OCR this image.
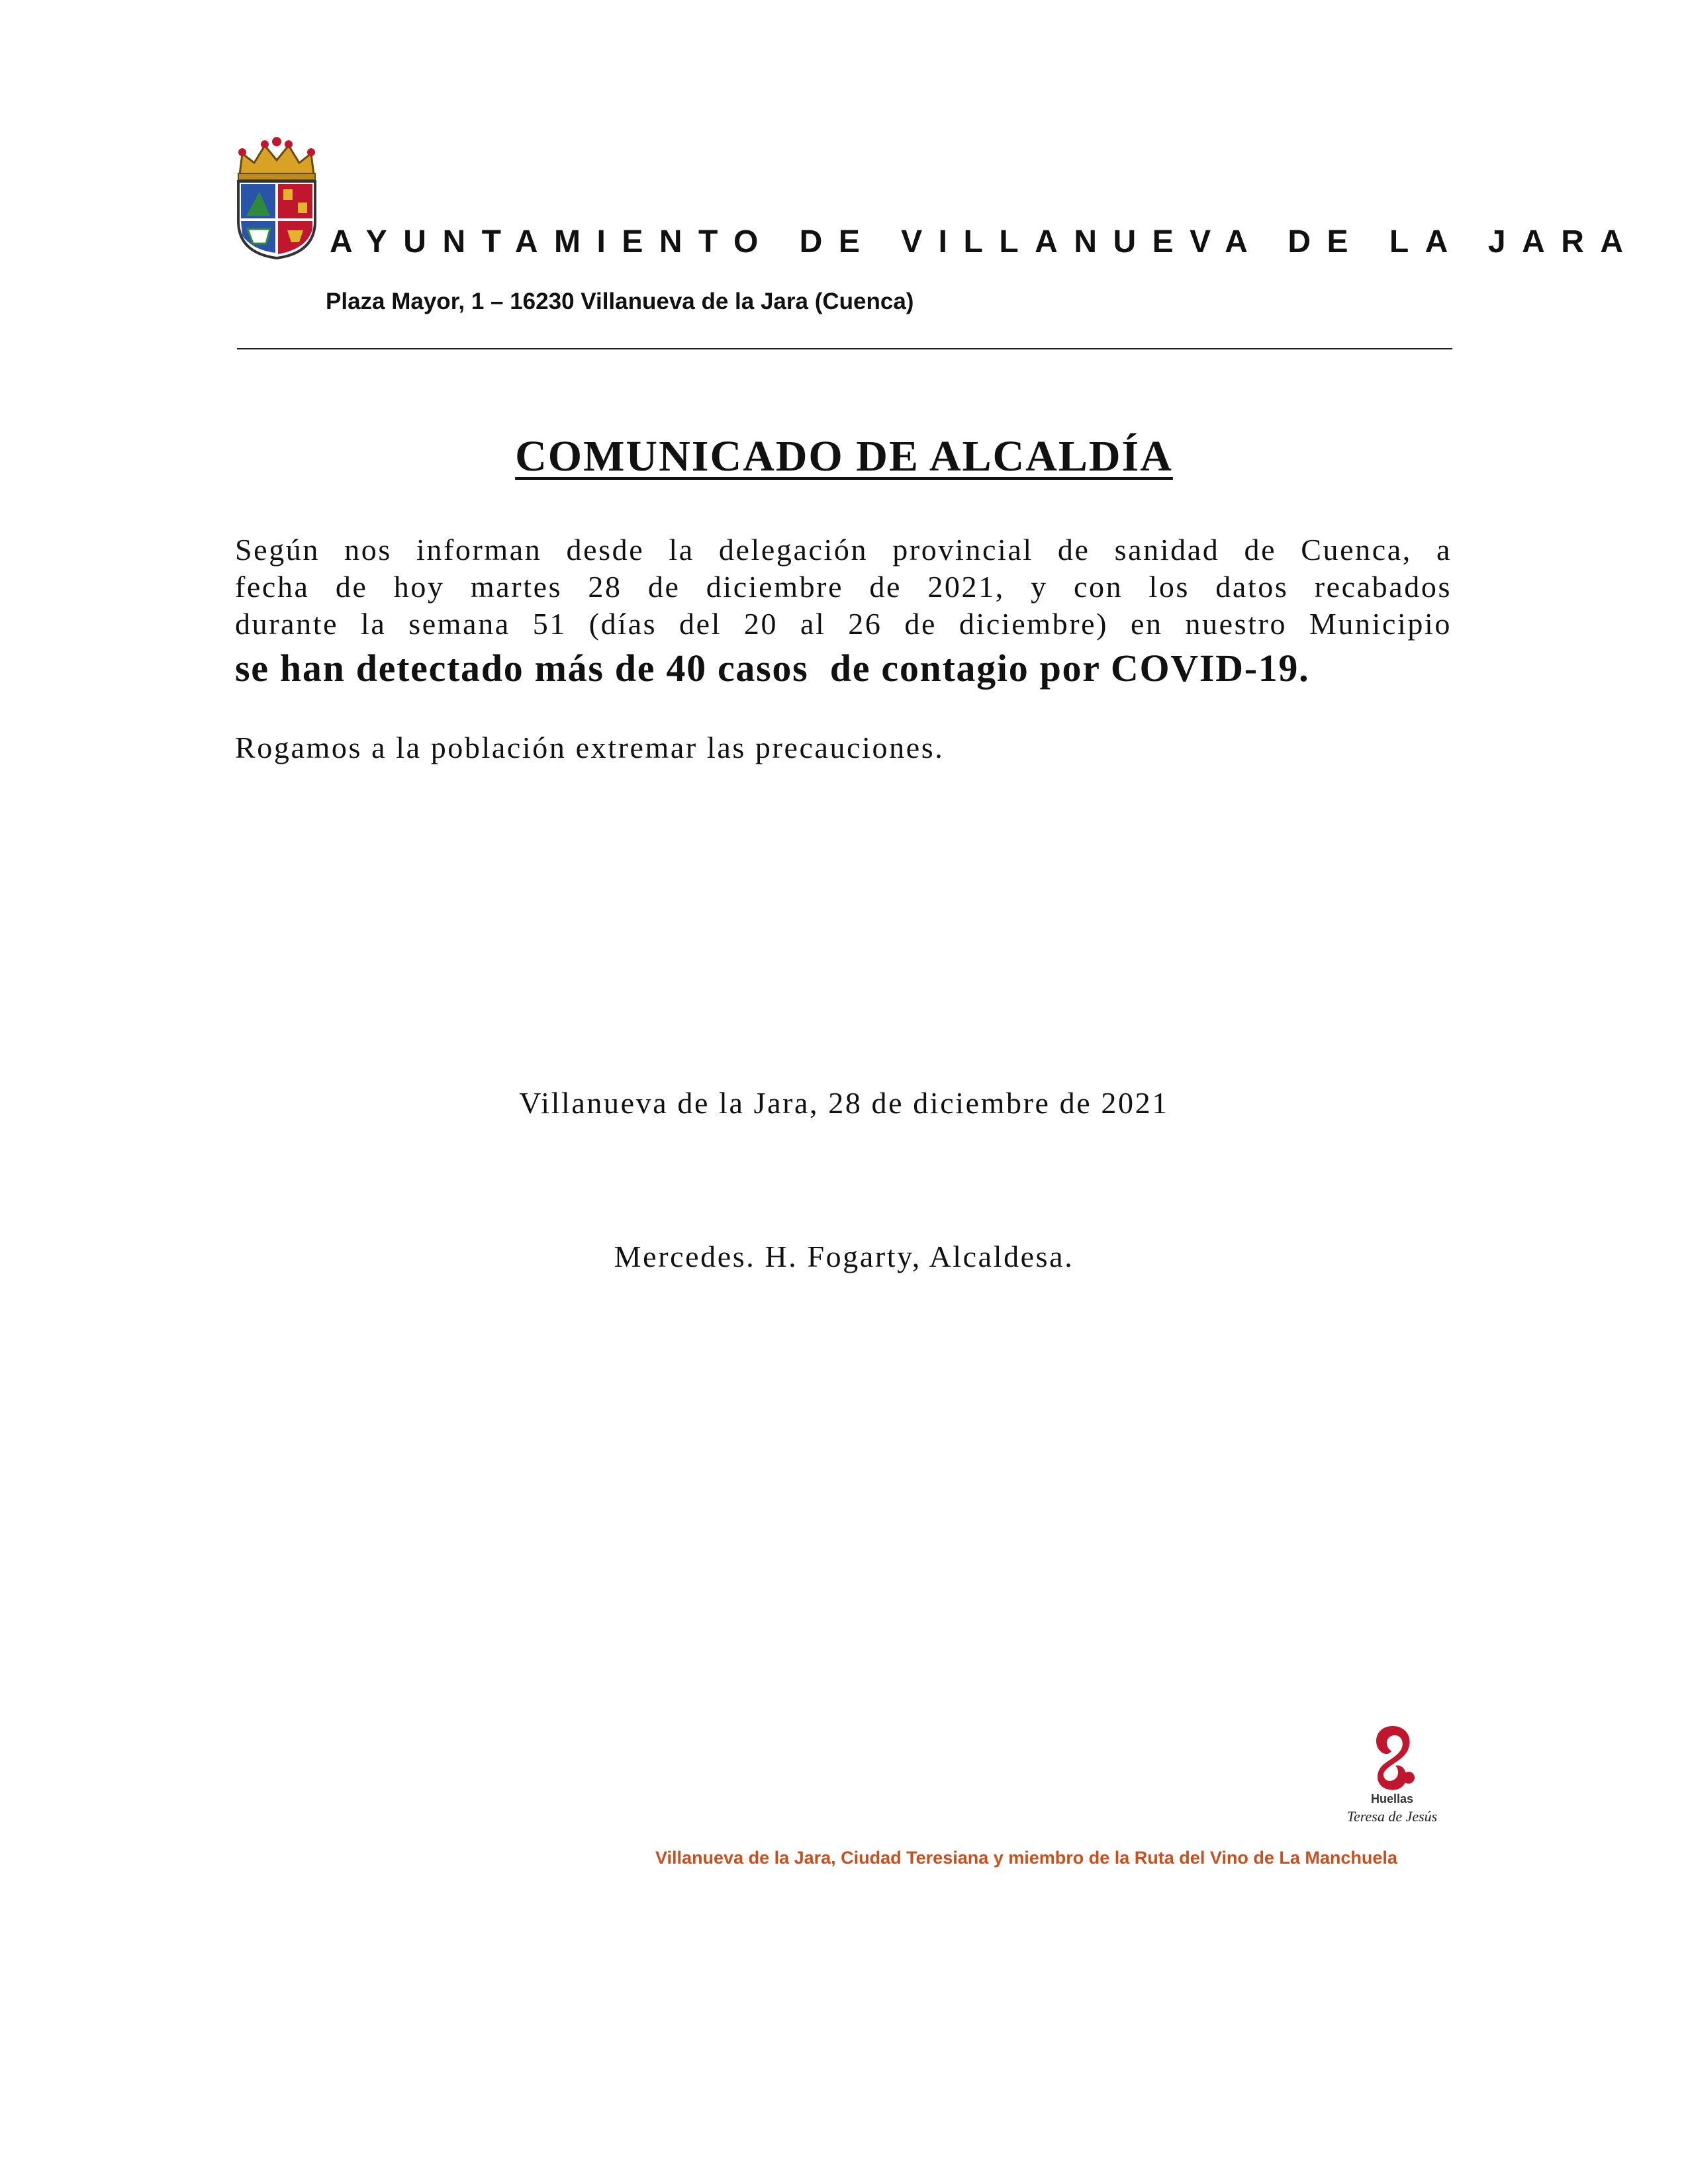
AYUNTAMIENTO DE VILLANUEVA DE LA JARA
Plaza Mayor, 1 – 16230 Villanueva de la Jara (Cuenca)
COMUNICADO DE ALCALDÍA
Según nos informan desde la delegación provincial de sanidad de Cuenca, a
fecha de hoy martes 28 de diciembre de 2021, y con los datos recabados
durante la semana 51 (días del 20 al 26 de diciembre) en nuestro Municipio
se han detectado más de 40 casos  de contagio por COVID-19.
Rogamos a la población extremar las precauciones.
Villanueva de la Jara, 28 de diciembre de 2021
Mercedes. H. Fogarty, Alcaldesa.
Huellas
Teresa de Jesús
Villanueva de la Jara, Ciudad Teresiana y miembro de la Ruta del Vino de La Manchuela
